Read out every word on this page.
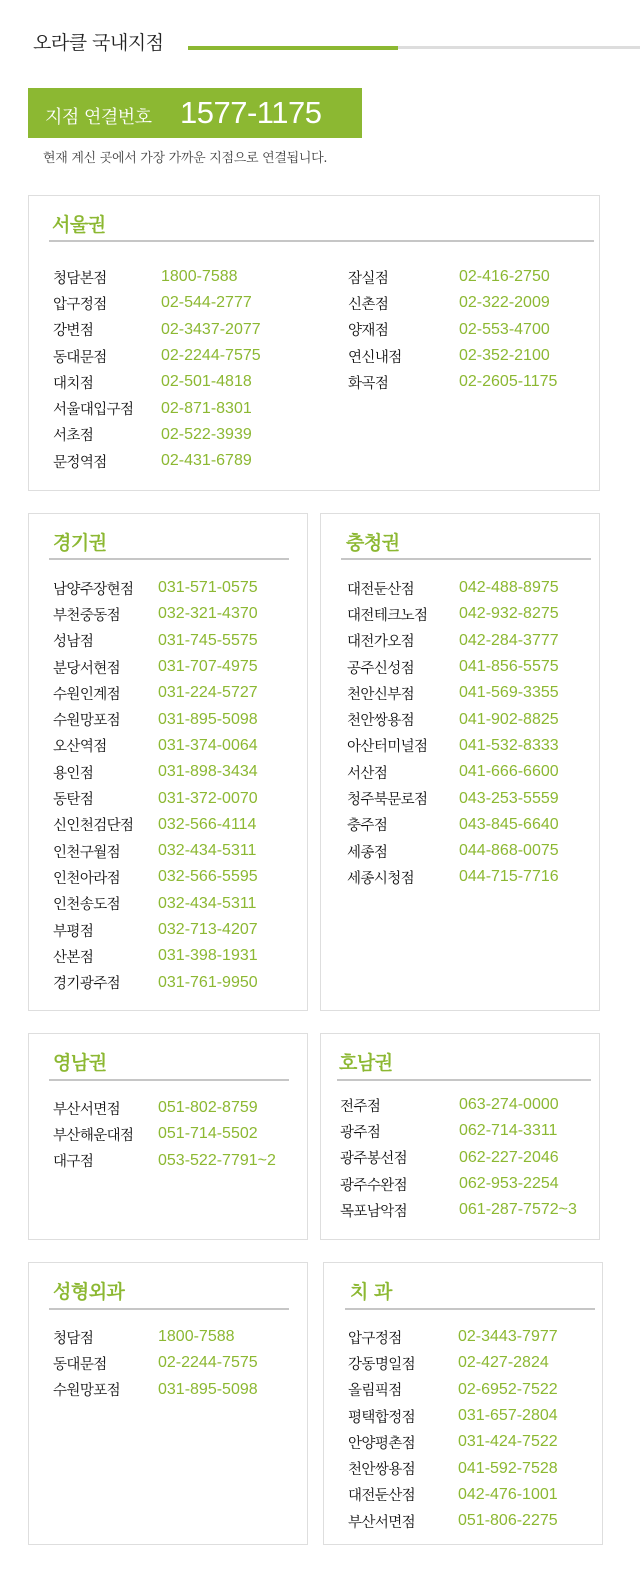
오라클 국내지점
지점 연결번호 1577-1175
현재 계신 곳에서 가장 가까운 지점으로 연결됩니다.
서울권
청담본점	1800-7588
압구정점	02-544-2777
강변점	02-3437-2077
동대문점	02-2244-7575
대치점	02-501-4818
서울대입구점	02-871-8301
서초점	02-522-3939
문정역점	02-431-6789
잠실점	02-416-2750
신촌점	02-322-2009
양재점	02-553-4700
연신내점	02-352-2100
화곡점	02-2605-1175
경기권
남양주장현점	031-571-0575
부천중동점	032-321-4370
성남점	031-745-5575
분당서현점	031-707-4975
수원인계점	031-224-5727
수원망포점	031-895-5098
오산역점	031-374-0064
용인점	031-898-3434
동탄점	031-372-0070
신인천검단점	032-566-4114
인천구월점	032-434-5311
인천아라점	032-566-5595
인천송도점	032-434-5311
부평점	032-713-4207
산본점	031-398-1931
경기광주점	031-761-9950
충청권
대전둔산점	042-488-8975
대전테크노점	042-932-8275
대전가오점	042-284-3777
공주신성점	041-856-5575
천안신부점	041-569-3355
천안쌍용점	041-902-8825
아산터미널점	041-532-8333
서산점	041-666-6600
청주북문로점	043-253-5559
충주점	043-845-6640
세종점	044-868-0075
세종시청점	044-715-7716
영남권
부산서면점	051-802-8759
부산해운대점	051-714-5502
대구점	053-522-7791~2
호남권
전주점	063-274-0000
광주점	062-714-3311
광주봉선점	062-227-2046
광주수완점	062-953-2254
목포남악점	061-287-7572~3
성형외과
청담점	1800-7588
동대문점	02-2244-7575
수원망포점	031-895-5098
치 과
압구정점	02-3443-7977
강동명일점	02-427-2824
올림픽점	02-6952-7522
평택합정점	031-657-2804
안양평촌점	031-424-7522
천안쌍용점	041-592-7528
대전둔산점	042-476-1001
부산서면점	051-806-2275
